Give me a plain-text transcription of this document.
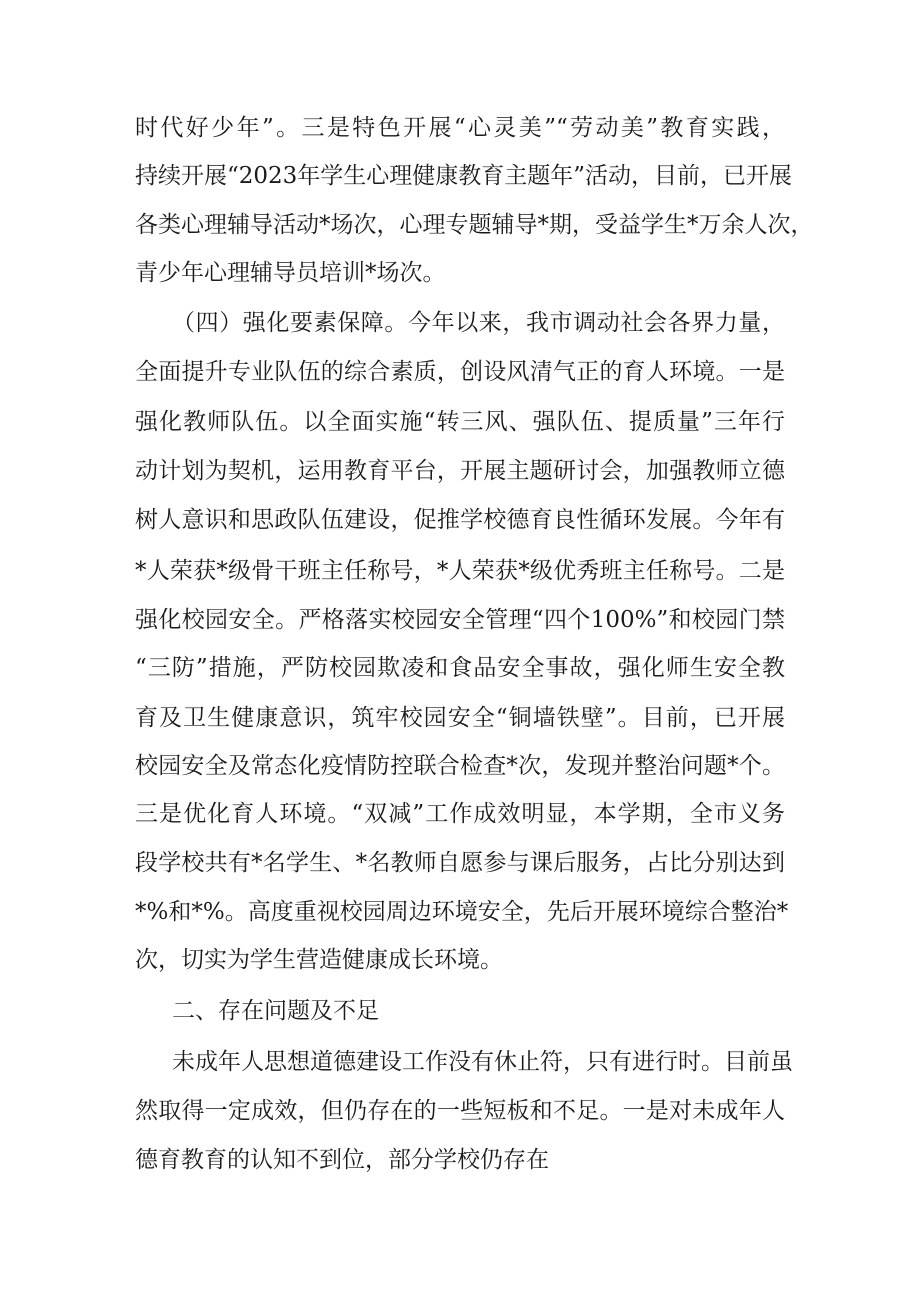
时代好少年”。三是特色开展“心灵美”“劳动美”教育实践，
持续开展“2023年学生心理健康教育主题年”活动，目前，已开展
各类心理辅导活动*场次，心理专题辅导*期，受益学生*万余人次，
青少年心理辅导员培训*场次。
（四）强化要素保障。今年以来，我市调动社会各界力量，
全面提升专业队伍的综合素质，创设风清气正的育人环境。一是
强化教师队伍。以全面实施“转三风、强队伍、提质量”三年行
动计划为契机，运用教育平台，开展主题研讨会，加强教师立德
树人意识和思政队伍建设，促推学校德育良性循环发展。今年有
*人荣获*级骨干班主任称号，*人荣获*级优秀班主任称号。二是
强化校园安全。严格落实校园安全管理“四个100%”和校园门禁
“三防”措施，严防校园欺凌和食品安全事故，强化师生安全教
育及卫生健康意识，筑牢校园安全“铜墙铁壁”。目前，已开展
校园安全及常态化疫情防控联合检查*次，发现并整治问题*个。
三是优化育人环境。“双减”工作成效明显，本学期，全市义务
段学校共有*名学生、*名教师自愿参与课后服务，占比分别达到
*%和*%。高度重视校园周边环境安全，先后开展环境综合整治*
次，切实为学生营造健康成长环境。
二、存在问题及不足
未成年人思想道德建设工作没有休止符，只有进行时。目前虽
然取得一定成效，但仍存在的一些短板和不足。一是对未成年人
德育教育的认知不到位，部分学校仍存在
